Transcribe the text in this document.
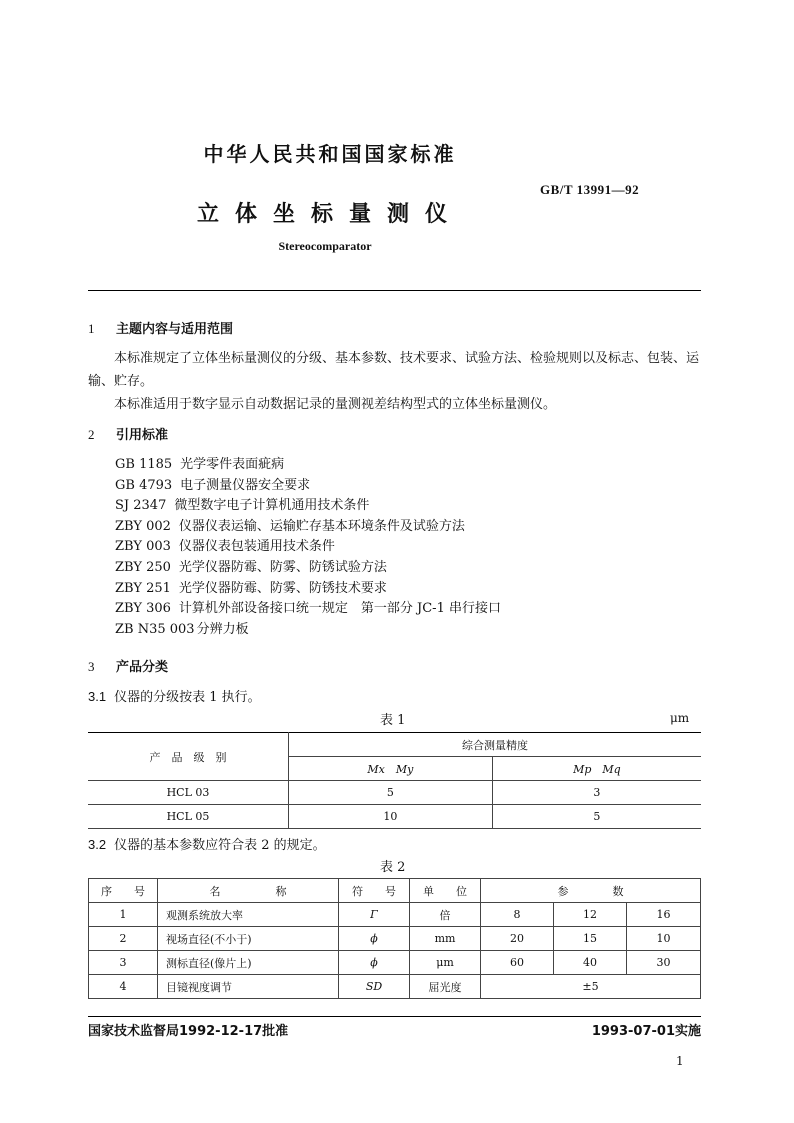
中华人民共和国国家标准
GB/T 13991—92
立体坐标量测仪
Stereocomparator
1 主题内容与适用范围

本标准规定了立体坐标量测仪的分级、基本参数、技术要求、试验方法、检验规则以及标志、包装、运输、贮存。

本标准适用于数字显示自动数据记录的量测视差结构型式的立体坐标量测仪。

2 引用标准
GB 1185 光学零件表面疵病
GB 4793 电子测量仪器安全要求
SJ 2347 微型数字电子计算机通用技术条件
ZBY 002 仪器仪表运输、运输贮存基本环境条件及试验方法
ZBY 003 仪器仪表包装通用技术条件
ZBY 250 光学仪器防霉、防雾、防锈试验方法
ZBY 251 光学仪器防霉、防雾、防锈技术要求
ZBY 306 计算机外部设备接口统一规定　第一部分 JC-1 串行接口
ZB N35 003 分辨力板
3 产品分类
3.1 仪器的分级按表 1 执行。
表 1	μm
产　品　级　别	综合测量精度	
	Mx　My	Mp　Mq
HCL 03	5	3
HCL 05	10	5
3.2 仪器的基本参数应符合表 2 的规定。
表 2
序　　号	名　　　　　称	符　　号	单　　位	参　　　　数		
1	观测系统放大率	Γ	倍	8	12	16
2	视场直径(不小于)	ϕ	mm	20	15	10
3	测标直径(像片上)	ϕ	μm	60	40	30
4	目镜视度调节	SD	屈光度	±5		
国家技术监督局1992-12-17批准	1993-07-01实施
1
